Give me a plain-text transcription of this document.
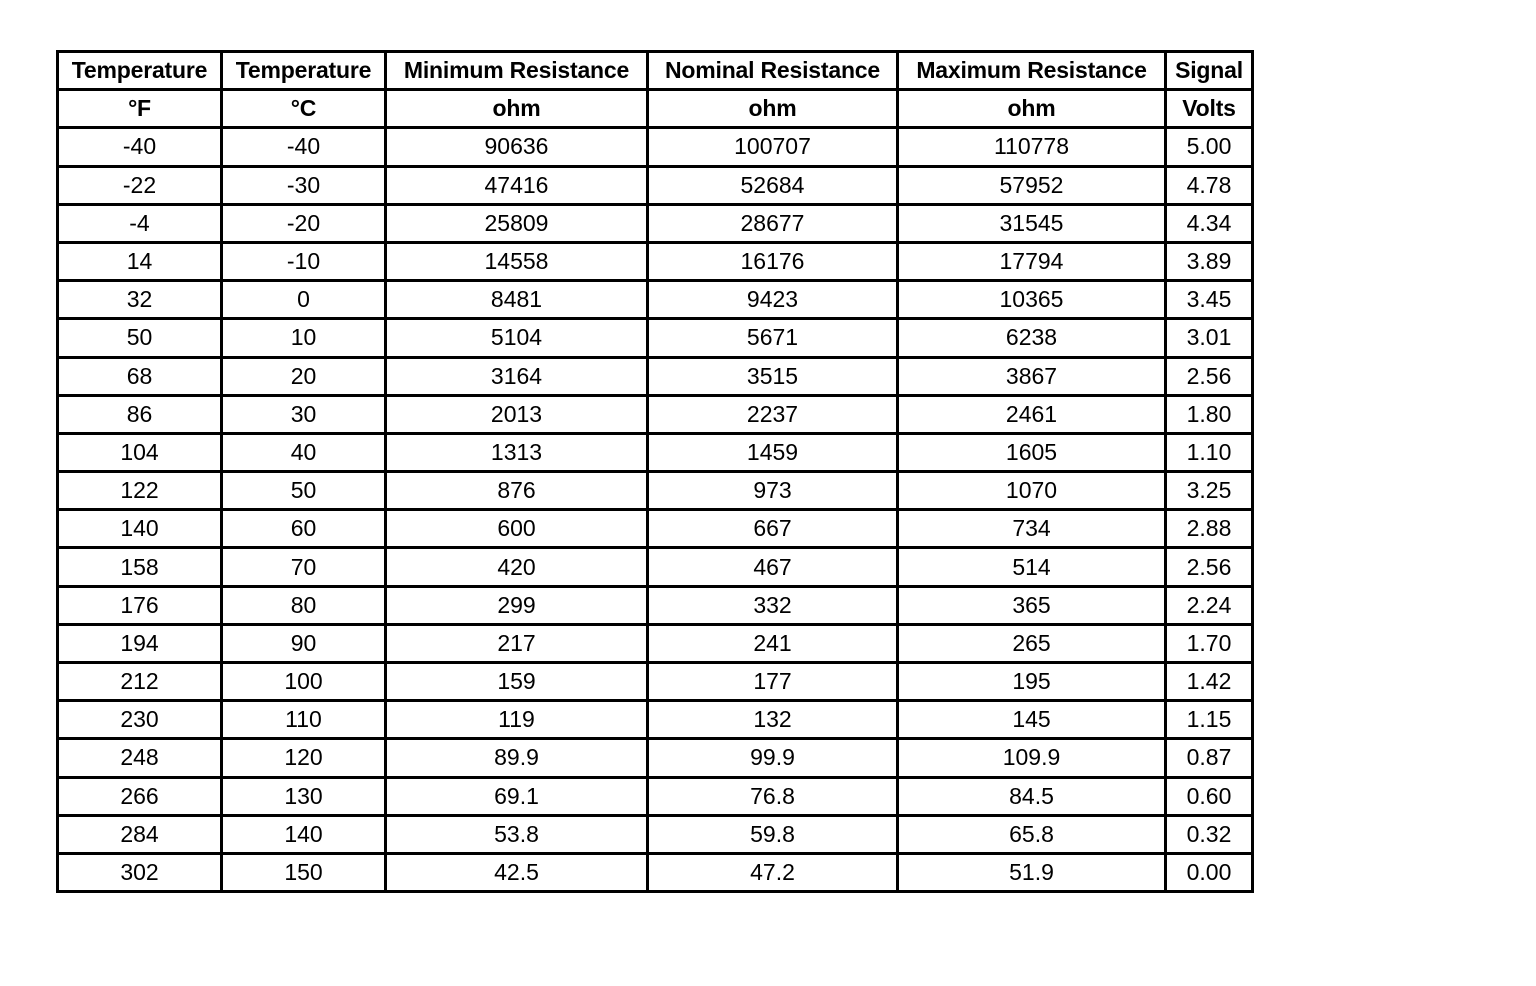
Temperature	Temperature	Minimum Resistance	Nominal Resistance	Maximum Resistance	Signal
°F	°C	ohm	ohm	ohm	Volts
-40	-40	90636	100707	110778	5.00
-22	-30	47416	52684	57952	4.78
-4	-20	25809	28677	31545	4.34
14	-10	14558	16176	17794	3.89
32	0	8481	9423	10365	3.45
50	10	5104	5671	6238	3.01
68	20	3164	3515	3867	2.56
86	30	2013	2237	2461	1.80
104	40	1313	1459	1605	1.10
122	50	876	973	1070	3.25
140	60	600	667	734	2.88
158	70	420	467	514	2.56
176	80	299	332	365	2.24
194	90	217	241	265	1.70
212	100	159	177	195	1.42
230	110	119	132	145	1.15
248	120	89.9	99.9	109.9	0.87
266	130	69.1	76.8	84.5	0.60
284	140	53.8	59.8	65.8	0.32
302	150	42.5	47.2	51.9	0.00
